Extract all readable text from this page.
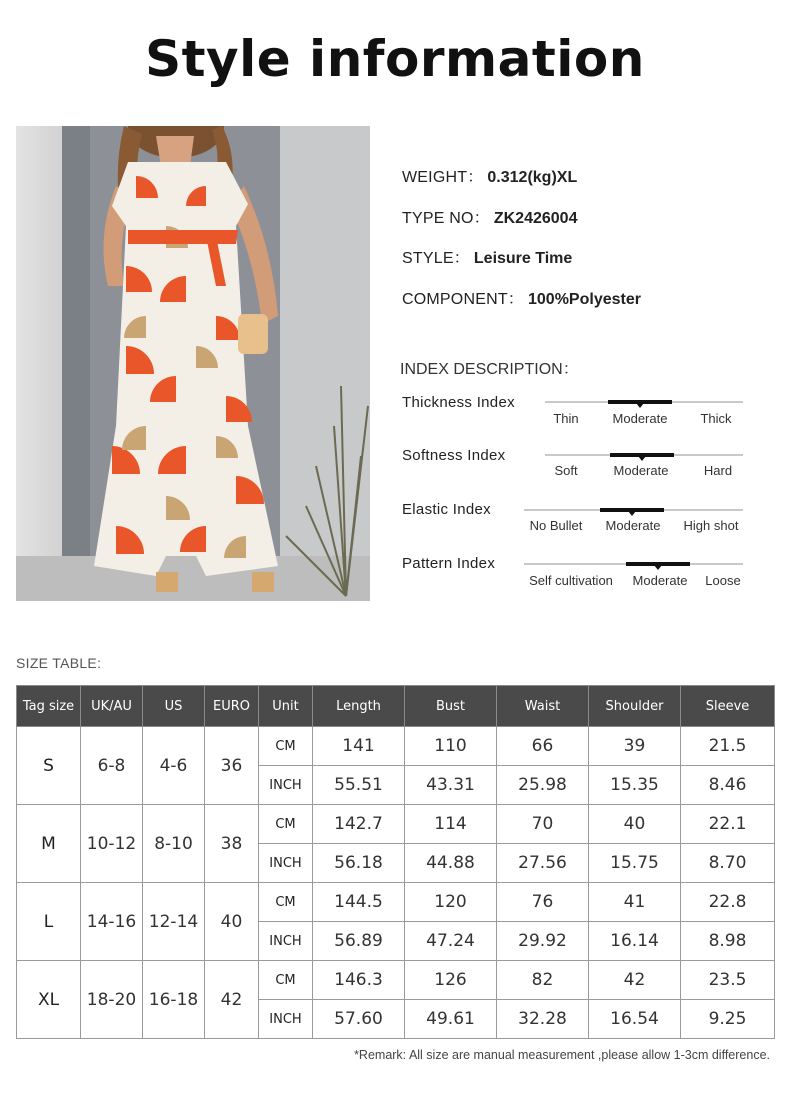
Style information
WEIGHT： 0.312(kg)XL
TYPE NO： ZK2426004
STYLE： Leisure Time
COMPONENT： 100%Polyester
INDEX DESCRIPTION：
Thickness Index
Thin	Moderate	Thick
Softness Index
Soft	Moderate	Hard
Elastic Index
No Bullet	Moderate	High shot
Pattern Index
Self cultivation	Moderate	Loose
SIZE TABLE:
Tag size	UK/AU	US	EURO	Unit	Length	Bust	Waist	Shoulder	Sleeve
S	6-8	4-6	36	CM	141	110	66	39	21.5
				INCH	55.51	43.31	25.98	15.35	8.46
M	10-12	8-10	38	CM	142.7	114	70	40	22.1
				INCH	56.18	44.88	27.56	15.75	8.70
L	14-16	12-14	40	CM	144.5	120	76	41	22.8
				INCH	56.89	47.24	29.92	16.14	8.98
XL	18-20	16-18	42	CM	146.3	126	82	42	23.5
				INCH	57.60	49.61	32.28	16.54	9.25
*Remark: All size are manual measurement ,please allow 1-3cm difference.
